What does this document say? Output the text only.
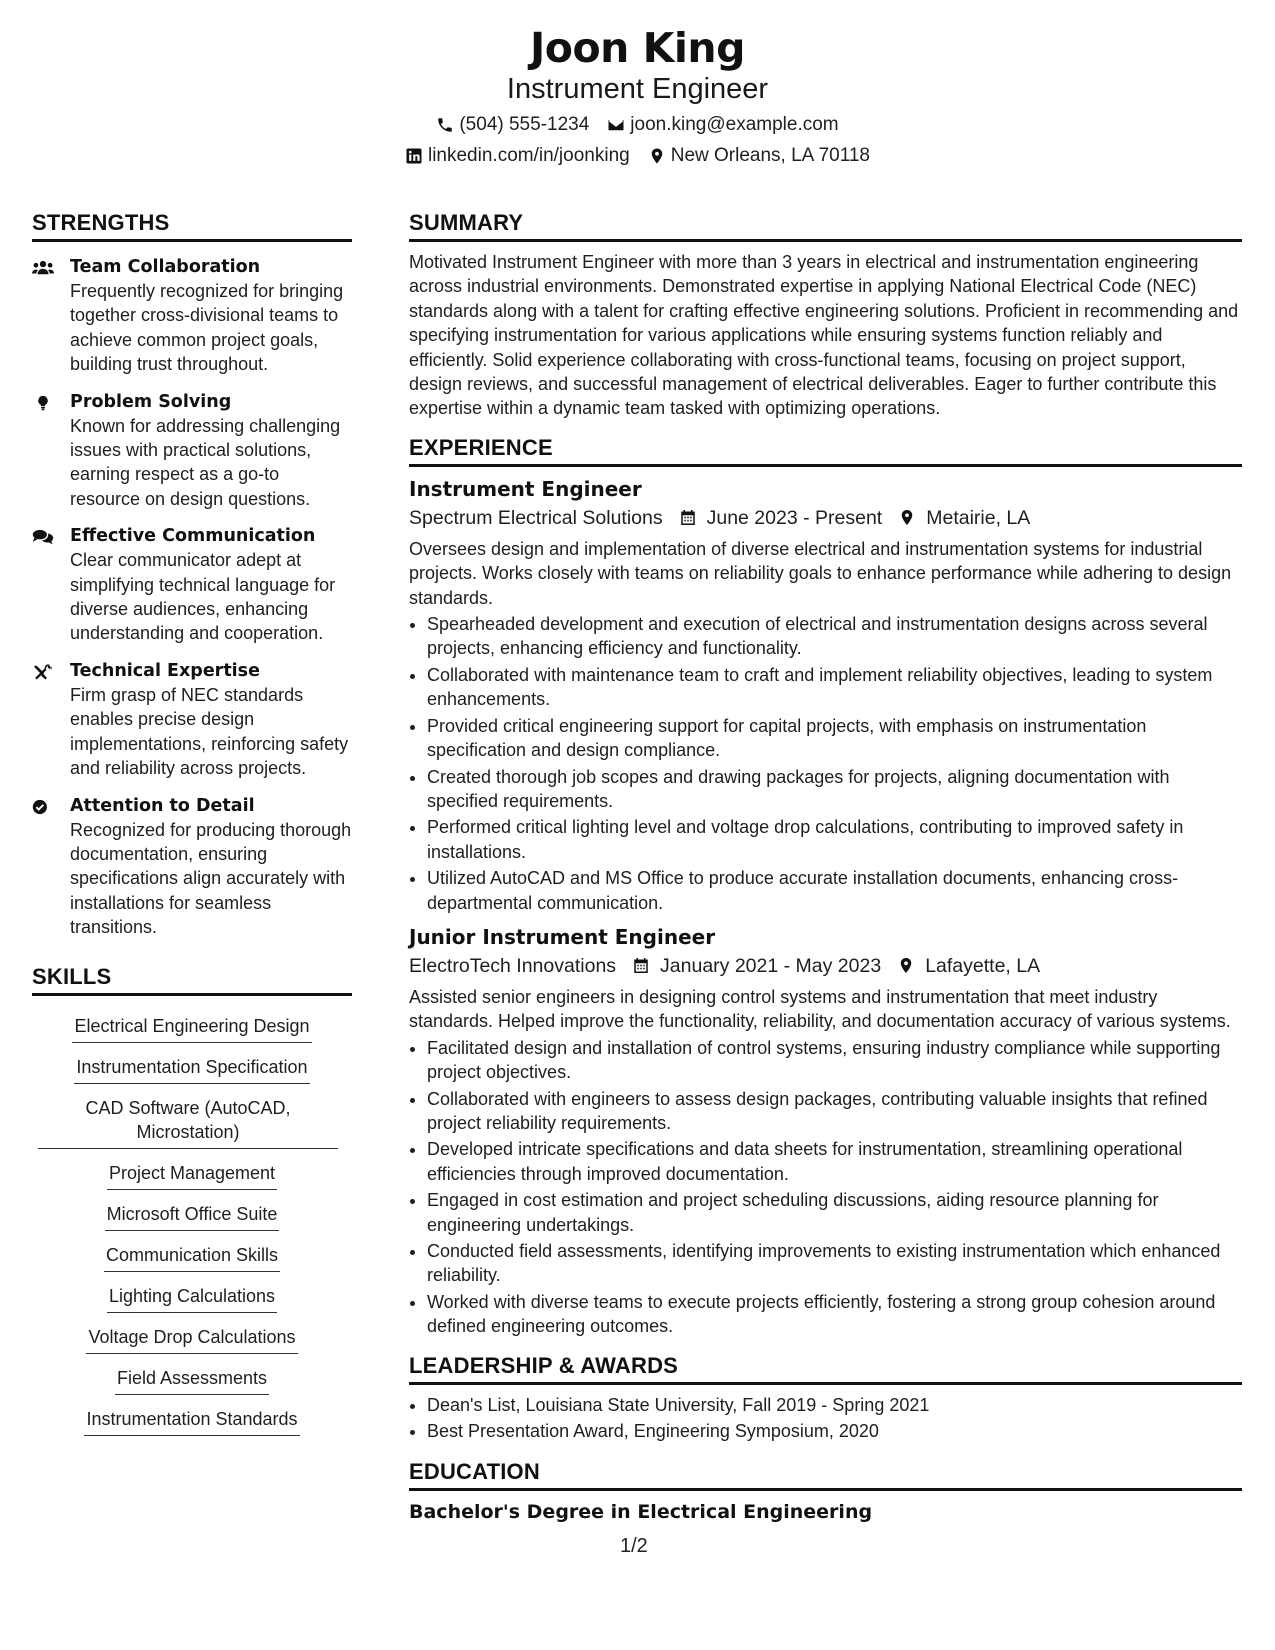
Joon King
Instrument Engineer
(504) 555-1234 joon.king@example.com
linkedin.com/in/joonking New Orleans, LA 70118
STRENGTHS
Team Collaboration
Frequently recognized for bringing together cross-divisional teams to achieve common project goals, building trust throughout.
Problem Solving
Known for addressing challenging issues with practical solutions, earning respect as a go-to resource on design questions.
Effective Communication
Clear communicator adept at simplifying technical language for diverse audiences, enhancing understanding and cooperation.
Technical Expertise
Firm grasp of NEC standards enables precise design implementations, reinforcing safety and reliability across projects.
Attention to Detail
Recognized for producing thorough documentation, ensuring specifications align accurately with installations for seamless transitions.
SKILLS
Electrical Engineering Design
Instrumentation Specification
CAD Software (AutoCAD, Microstation)
Project Management
Microsoft Office Suite
Communication Skills
Lighting Calculations
Voltage Drop Calculations
Field Assessments
Instrumentation Standards
SUMMARY
Motivated Instrument Engineer with more than 3 years in electrical and instrumentation engineering across industrial environments. Demonstrated expertise in applying National Electrical Code (NEC) standards along with a talent for crafting effective engineering solutions. Proficient in recommending and specifying instrumentation for various applications while ensuring systems function reliably and efficiently. Solid experience collaborating with cross-functional teams, focusing on project support, design reviews, and successful management of electrical deliverables. Eager to further contribute this expertise within a dynamic team tasked with optimizing operations.
EXPERIENCE
Instrument Engineer
Spectrum Electrical Solutions June 2023 - Present Metairie, LA
Oversees design and implementation of diverse electrical and instrumentation systems for industrial projects. Works closely with teams on reliability goals to enhance performance while adhering to design standards.
• Spearheaded development and execution of electrical and instrumentation designs across several projects, enhancing efficiency and functionality.
• Collaborated with maintenance team to craft and implement reliability objectives, leading to system enhancements.
• Provided critical engineering support for capital projects, with emphasis on instrumentation specification and design compliance.
• Created thorough job scopes and drawing packages for projects, aligning documentation with specified requirements.
• Performed critical lighting level and voltage drop calculations, contributing to improved safety in installations.
• Utilized AutoCAD and MS Office to produce accurate installation documents, enhancing cross-departmental communication.
Junior Instrument Engineer
ElectroTech Innovations January 2021 - May 2023 Lafayette, LA
Assisted senior engineers in designing control systems and instrumentation that meet industry standards. Helped improve the functionality, reliability, and documentation accuracy of various systems.
• Facilitated design and installation of control systems, ensuring industry compliance while supporting project objectives.
• Collaborated with engineers to assess design packages, contributing valuable insights that refined project reliability requirements.
• Developed intricate specifications and data sheets for instrumentation, streamlining operational efficiencies through improved documentation.
• Engaged in cost estimation and project scheduling discussions, aiding resource planning for engineering undertakings.
• Conducted field assessments, identifying improvements to existing instrumentation which enhanced reliability.
• Worked with diverse teams to execute projects efficiently, fostering a strong group cohesion around defined engineering outcomes.
LEADERSHIP & AWARDS
• Dean's List, Louisiana State University, Fall 2019 - Spring 2021
• Best Presentation Award, Engineering Symposium, 2020
EDUCATION
Bachelor's Degree in Electrical Engineering
1/2
